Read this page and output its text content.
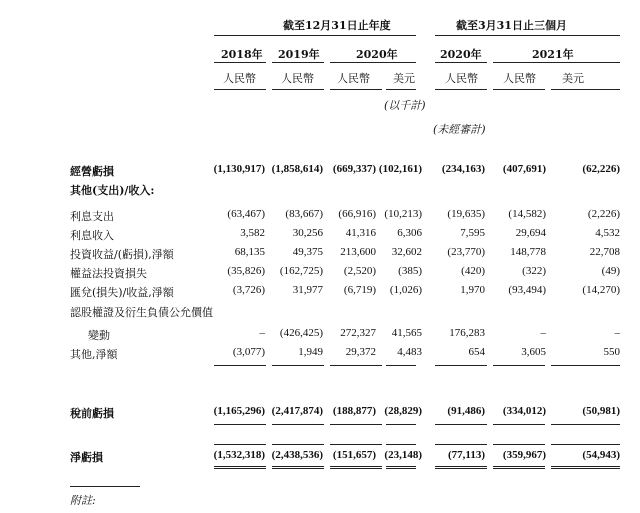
截至12月31日止年度	截至3月31日止三個月
2018年 2019年	2020年	2020年	2021年
人民幣 人民幣 人民幣 美元	人民幣 人民幣 美元
(以千計)
(未經審計)
經營虧損	(1,130,917) (1,858,614) (669,337) (102,161)	(234,163)	(407,691)	(62,226)
其他(支出)/收入:
利息支出	(63,467)	(83,667)	(66,916) (10,213)	(19,635)	(14,582)	(2,226)
利息收入	3,582	30,256	41,316	6,306	7,595	29,694	4,532
投資收益/(虧損),淨額	68,135	49,375	213,600	32,602	(23,770)	148,778	22,708
權益法投資損失	(35,826)	(162,725)	(2,520)	(385)	(420)	(322)	(49)
匯兌(損失)/收益,淨額	(3,726)	31,977	(6,719)	(1,026)	1,970	(93,494)	(14,270)
認股權證及衍生負債公允價值
變動	–	(426,425)	272,327	41,565	176,283	–	–
其他,淨額	(3,077)	1,949	29,372	4,483	654	3,605	550
稅前虧損	(1,165,296) (2,417,874) (188,877) (28,829)	(91,486)	(334,012)	(50,981)
淨虧損	(1,532,318) (2,438,536) (151,657) (23,148)	(77,113)	(359,967)	(54,943)
附註:
